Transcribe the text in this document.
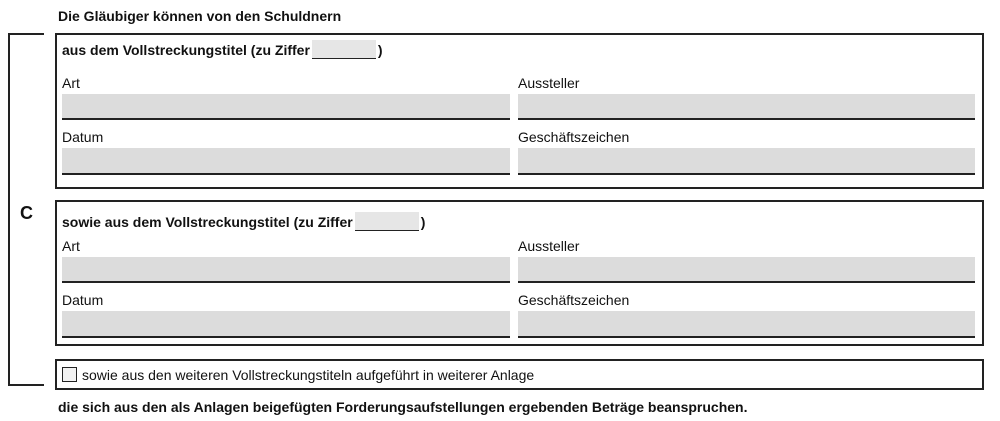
Die Gläubiger können von den Schuldnern
C
aus dem Vollstreckungstitel (zu Ziffer	)
Art	Aussteller
Datum	Geschäftszeichen
sowie aus dem Vollstreckungstitel (zu Ziffer	)
Art	Aussteller
Datum	Geschäftszeichen
sowie aus den weiteren Vollstreckungstiteln aufgeführt in weiterer Anlage
die sich aus den als Anlagen beigefügten Forderungsaufstellungen ergebenden Beträge beanspruchen.
